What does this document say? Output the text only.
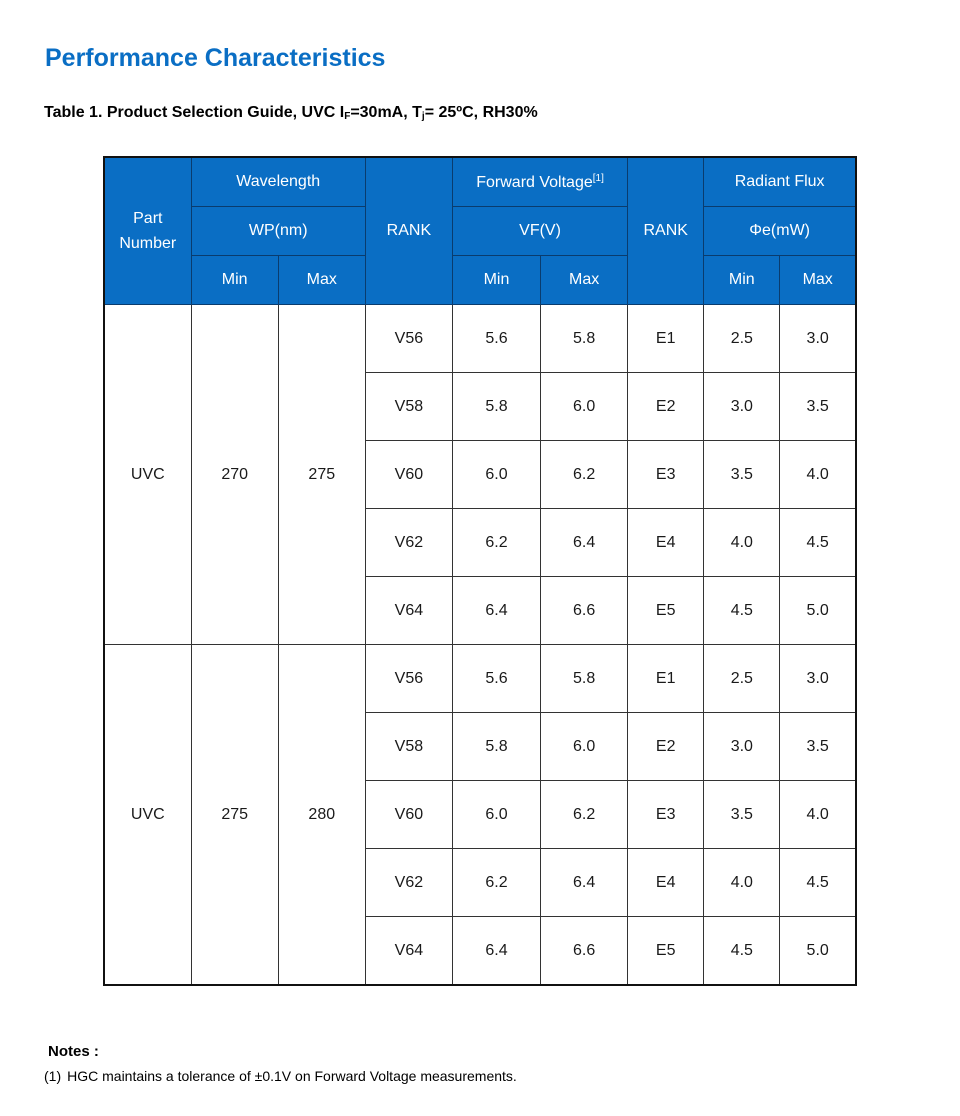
Performance Characteristics

Table 1. Product Selection Guide, UVC $I_F=30mA$, $T_j=$ 25ºC, RH30%

Part Number	Wavelength		RANK	Forward Voltage[1]		RANK	Radiant Flux	
	WP(nm)			VF(V)			Φe(mW)	
	Min	Max		Min	Max		Min	Max
UVC	270	275	V56	5.6	5.8	E1	2.5	3.0
			V58	5.8	6.0	E2	3.0	3.5
			V60	6.0	6.2	E3	3.5	4.0
			V62	6.2	6.4	E4	4.0	4.5
			V64	6.4	6.6	E5	4.5	5.0
UVC	275	280	V56	5.6	5.8	E1	2.5	3.0
			V58	5.8	6.0	E2	3.0	3.5
			V60	6.0	6.2	E3	3.5	4.0
			V62	6.2	6.4	E4	4.0	4.5
			V64	6.4	6.6	E5	4.5	5.0

Notes :

(1) HGC maintains a tolerance of ±0.1V on Forward Voltage measurements.
